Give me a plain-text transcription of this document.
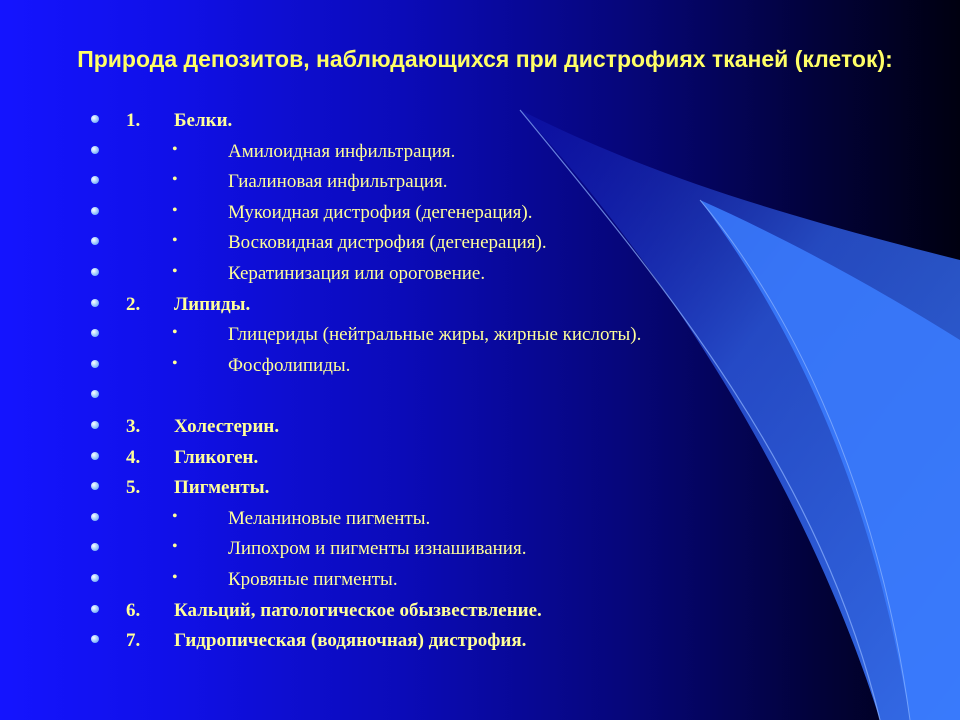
Природа депозитов, наблюдающихся при дистрофиях тканей (клеток):
1. Белки.
•	Амилоидная инфильтрация.
•	Гиалиновая инфильтрация.
•	Мукоидная дистрофия (дегенерация).
•	Восковидная дистрофия (дегенерация).
•	Кератинизация или ороговение.
2. Липиды.
•	Глицериды (нейтральные жиры, жирные кислоты).
•	Фосфолипиды.
3. Холестерин.
4. Гликоген.
5. Пигменты.
•	Меланиновые пигменты.
•	Липохром и пигменты изнашивания.
•	Кровяные пигменты.
6. Кальций, патологическое обызвествление.
7. Гидропическая (водяночная) дистрофия.
